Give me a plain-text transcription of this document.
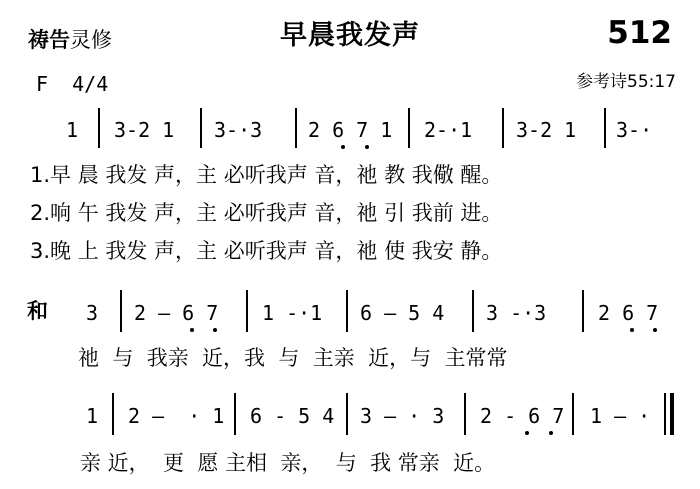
祷告灵修	早晨我发声	512
F  4/4	参考诗55:17
1 3-2 1 3-·3 2 6 7 1 2-·1 3-2 1 3-·
1.早 晨 我发 声，主 必听我声 音，祂 教 我儆 醒。
2.响 午 我发 声，主 必听我声 音，祂 引 我前 进。
3.晚 上 我发 声，主 必听我声 音，祂 使 我安 静。
和 3 2 — 6 7 1 -·1 6 — 5 4 3 -·3	2 6 7
祂  与  我亲  近，我  与  主亲  近，与  主常常
1 2 —  · 1 6 - 5 4 3 — · 3 2 - 6 7 1 — ·
亲 近，  更  愿 主相  亲，  与  我 常亲  近。
